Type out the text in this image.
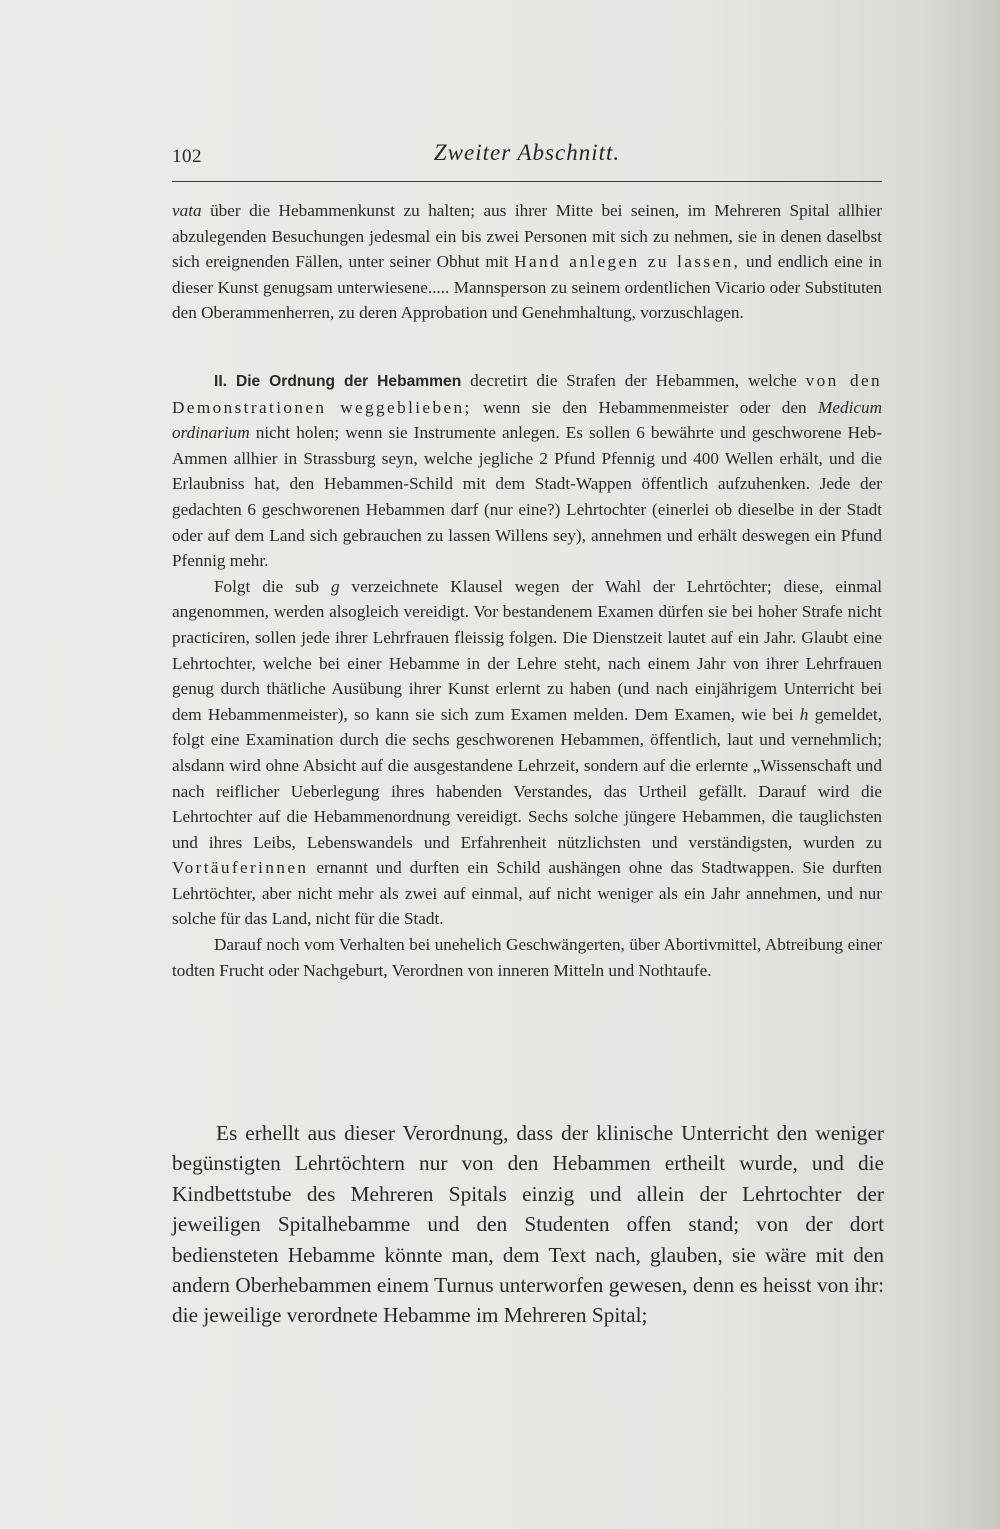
102	Zweiter Abschnitt.

vata über die Hebammenkunst zu halten; aus ihrer Mitte bei seinen, im Mehreren Spital allhier abzulegenden Besuchungen jedesmal ein bis zwei Personen mit sich zu nehmen, sie in denen daselbst sich ereignenden Fällen, unter seiner Obhut mit Hand anlegen zu lassen, und endlich eine in dieser Kunst genugsam unterwiesene..... Mannsperson zu seinem ordentlichen Vicario oder Substituten den Oberammenherren, zu deren Approbation und Genehmhaltung, vorzuschlagen.

II. Die Ordnung der Hebammen decretirt die Strafen der Hebammen, welche von den Demonstrationen weggeblieben; wenn sie den Hebammenmeister oder den Medicum ordinarium nicht holen; wenn sie Instrumente anlegen. Es sollen 6 bewährte und geschworene Heb-Ammen allhier in Strassburg seyn, welche jegliche 2 Pfund Pfennig und 400 Wellen erhält, und die Erlaubniss hat, den Hebammen-Schild mit dem Stadt-Wappen öffentlich aufzuhenken. Jede der gedachten 6 geschworenen Hebammen darf (nur eine?) Lehrtochter (einerlei ob dieselbe in der Stadt oder auf dem Land sich gebrauchen zu lassen Willens sey), annehmen und erhält deswegen ein Pfund Pfennig mehr.

Folgt die sub g verzeichnete Klausel wegen der Wahl der Lehrtöchter; diese, einmal angenommen, werden alsogleich vereidigt. Vor bestandenem Examen dürfen sie bei hoher Strafe nicht practiciren, sollen jede ihrer Lehrfrauen fleissig folgen. Die Dienstzeit lautet auf ein Jahr. Glaubt eine Lehrtochter, welche bei einer Hebamme in der Lehre steht, nach einem Jahr von ihrer Lehrfrauen genug durch thätliche Ausübung ihrer Kunst erlernt zu haben (und nach einjährigem Unterricht bei dem Hebammenmeister), so kann sie sich zum Examen melden. Dem Examen, wie bei h gemeldet, folgt eine Examination durch die sechs geschworenen Hebammen, öffentlich, laut und vernehmlich; alsdann wird ohne Absicht auf die ausgestandene Lehrzeit, sondern auf die erlernte „Wissenschaft und nach reiflicher Ueberlegung ihres habenden Verstandes, das Urtheil gefällt. Darauf wird die Lehrtochter auf die Hebammenordnung vereidigt. Sechs solche jüngere Hebammen, die tauglichsten und ihres Leibs, Lebenswandels und Erfahrenheit nützlichsten und verständigsten, wurden zu Vortäuferinnen ernannt und durften ein Schild aushängen ohne das Stadtwappen. Sie durften Lehrtöchter, aber nicht mehr als zwei auf einmal, auf nicht weniger als ein Jahr annehmen, und nur solche für das Land, nicht für die Stadt.

Darauf noch vom Verhalten bei unehelich Geschwängerten, über Abortivmittel, Abtreibung einer todten Frucht oder Nachgeburt, Verordnen von inneren Mitteln und Nothtaufe.

Es erhellt aus dieser Verordnung, dass der klinische Unterricht den weniger begünstigten Lehrtöchtern nur von den Hebammen ertheilt wurde, und die Kindbettstube des Mehreren Spitals einzig und allein der Lehrtochter der jeweiligen Spitalhebamme und den Studenten offen stand; von der dort bediensteten Hebamme könnte man, dem Text nach, glauben, sie wäre mit den andern Oberhebammen einem Turnus unterworfen gewesen, denn es heisst von ihr: die jeweilige verordnete Hebamme im Mehreren Spital;
